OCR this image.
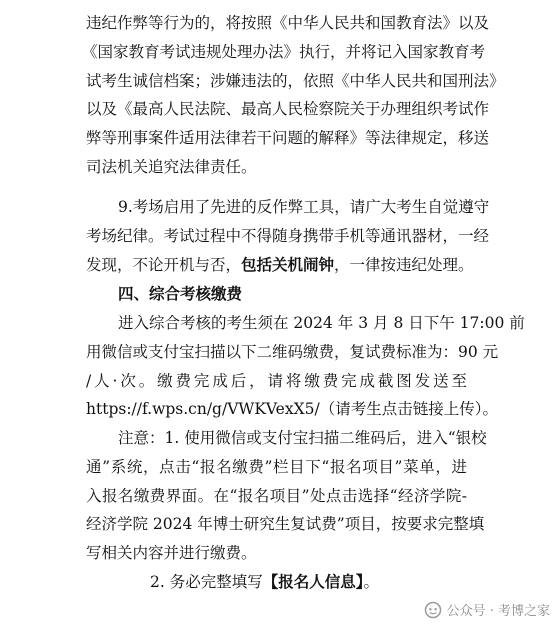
违纪作弊等行为的，将按照《中华人民共和国教育法》以及
《国家教育考试违规处理办法》执行，并将记入国家教育考
试考生诚信档案；涉嫌违法的，依照《中华人民共和国刑法》
以及《最高人民法院、最高人民检察院关于办理组织考试作
弊等刑事案件适用法律若干问题的解释》等法律规定，移送
司法机关追究法律责任。
9.考场启用了先进的反作弊工具，请广大考生自觉遵守
考场纪律。考试过程中不得随身携带手机等通讯器材，一经
发现，不论开机与否，包括关机闹钟，一律按违纪处理。
四、综合考核缴费
进入综合考核的考生须在 2024 年 3 月 8 日下午 17:00 前
用微信或支付宝扫描以下二维码缴费，复试费标准为：90 元
/人·次。缴费完成后，请将缴费完成截图发送至
https://f.wps.cn/g/VWKVexX5/（请考生点击链接上传）。
注意：1. 使用微信或支付宝扫描二维码后，进入“银校
通”系统，点击“报名缴费”栏目下“报名项目”菜单，进
入报名缴费界面。在“报名项目”处点击选择“经济学院-
经济学院 2024 年博士研究生复试费”项目，按要求完整填
写相关内容并进行缴费。
2. 务必完整填写【报名人信息】。
公众号 · 考博之家
